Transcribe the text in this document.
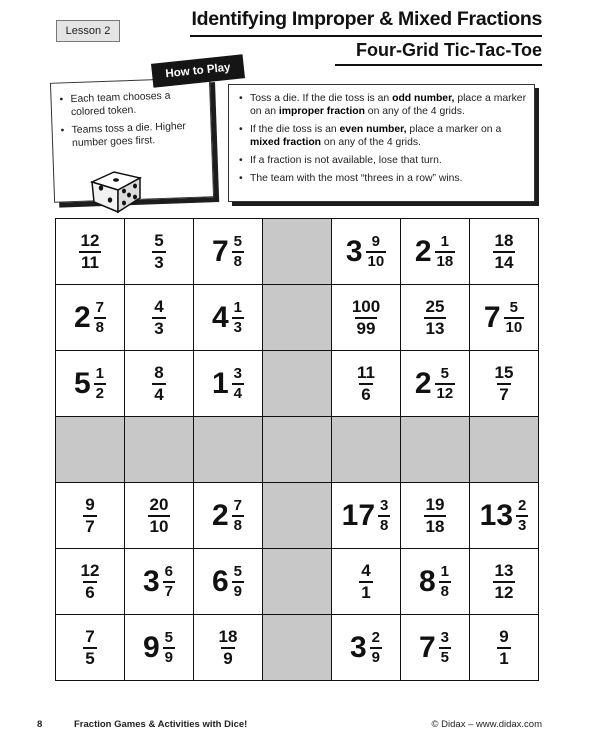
Lesson 2
Identifying Improper & Mixed Fractions
Four-Grid Tic-Tac-Toe
How to Play
• Each team chooses a colored token.
• Teams toss a die. Higher number goes first.
• Toss a die. If the die toss is an odd number, place a marker on an improper fraction on any of the 4 grids.
• If the die toss is an even number, place a marker on a mixed fraction on any of the 4 grids.
• If a fraction is not available, lose that turn.
• The team with the most “threes in a row” wins.
$\frac{12}{11}$	$\frac{5}{3}$	$7 \frac{5}{8}$		$3 \frac{9}{10}$	$2 \frac{1}{18}$	$\frac{18}{14}$

$2 \frac{7}{8}$	$\frac{4}{3}$	$4 \frac{1}{3}$		$\frac{100}{99}$	$\frac{25}{13}$	$7 \frac{5}{10}$

$5 \frac{1}{2}$	$\frac{8}{4}$	$1 \frac{3}{4}$		$\frac{11}{6}$	$2 \frac{5}{12}$	$\frac{15}{7}$

$\frac{9}{7}$	$\frac{20}{10}$	$2 \frac{7}{8}$		$17 \frac{3}{8}$	$\frac{19}{18}$	$13 \frac{2}{3}$

$\frac{12}{6}$	$3 \frac{6}{7}$	$6 \frac{5}{9}$		$\frac{4}{1}$	$8 \frac{1}{8}$	$\frac{13}{12}$

$\frac{7}{5}$	$9 \frac{5}{9}$	$\frac{18}{9}$		$3 \frac{2}{9}$	$7 \frac{3}{5}$	$\frac{9}{1}$
8	Fraction Games & Activities with Dice!	© Didax – www.didax.com
